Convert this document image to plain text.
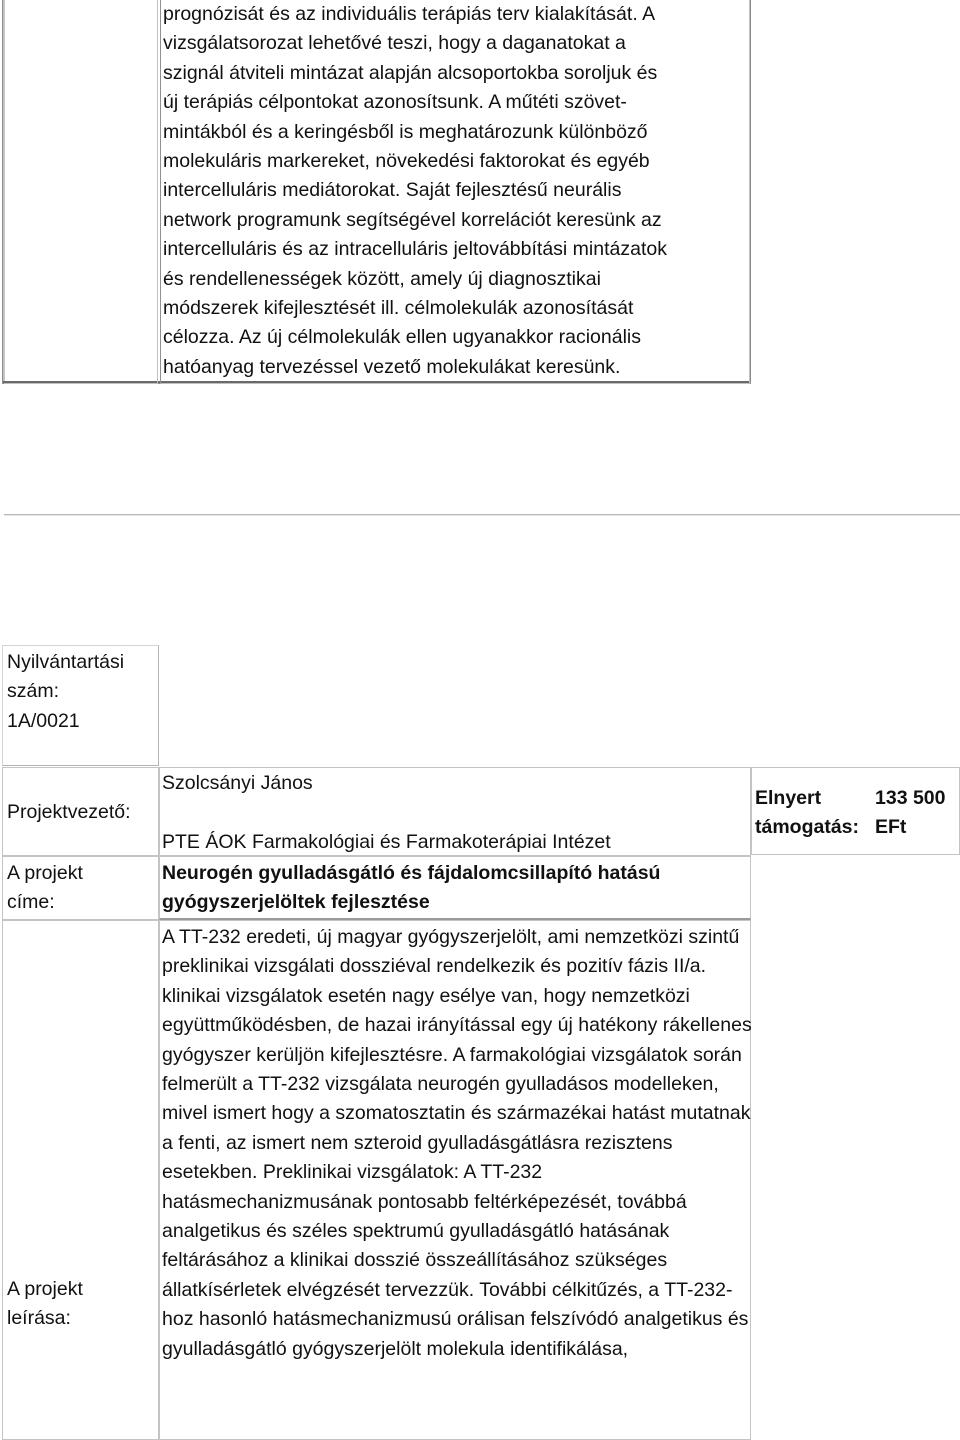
prognózisát és az individuális terápiás terv kialakítását. A
vizsgálatsorozat lehetővé teszi, hogy a daganatokat a
szignál átviteli mintázat alapján alcsoportokba soroljuk és
új terápiás célpontokat azonosítsunk. A műtéti szövet-
mintákból és a keringésből is meghatározunk különböző
molekuláris markereket, növekedési faktorokat és egyéb
intercelluláris mediátorokat. Saját fejlesztésű neurális
network programunk segítségével korrelációt keresünk az
intercelluláris és az intracelluláris jeltovábbítási mintázatok
és rendellenességek között, amely új diagnosztikai
módszerek kifejlesztését ill. célmolekulák azonosítását
célozza. Az új célmolekulák ellen ugyanakkor racionális
hatóanyag tervezéssel vezető molekulákat keresünk.

Nyilvántartási
szám:
1A/0021
Projektvezető:
Szolcsányi János
PTE ÁOK Farmakológiai és Farmakoterápiai Intézet
Elnyert
támogatás:
133 500
EFt
A projekt
címe:
Neurogén gyulladásgátló és fájdalomcsillapító hatású
gyógyszerjelöltek fejlesztése
A projekt
leírása:
A TT-232 eredeti, új magyar gyógyszerjelölt, ami nemzetközi szintű preklinikai vizsgálati dossziéval rendelkezik és pozitív fázis II/a. klinikai vizsgálatok esetén nagy esélye van, hogy nemzetközi együttműködésben, de hazai irányítással egy új hatékony rákellenes gyógyszer kerüljön kifejlesztésre. A farmakológiai vizsgálatok során felmerült a TT-232 vizsgálata neurogén gyulladásos modelleken, mivel ismert hogy a szomatosztatin és származékai hatást mutatnak a fenti, az ismert nem szteroid gyulladásgátlásra rezisztens esetekben. Preklinikai vizsgálatok: A TT-232 hatásmechanizmusának pontosabb feltérképezését, továbbá analgetikus és széles spektrumú gyulladásgátló hatásának feltárásához a klinikai dosszié összeállításához szükséges állatkísérletek elvégzését tervezzük. További célkitűzés, a TT-232-hoz hasonló hatásmechanizmusú orálisan felszívódó analgetikus és gyulladásgátló gyógyszerjelölt molekula identifikálása,
